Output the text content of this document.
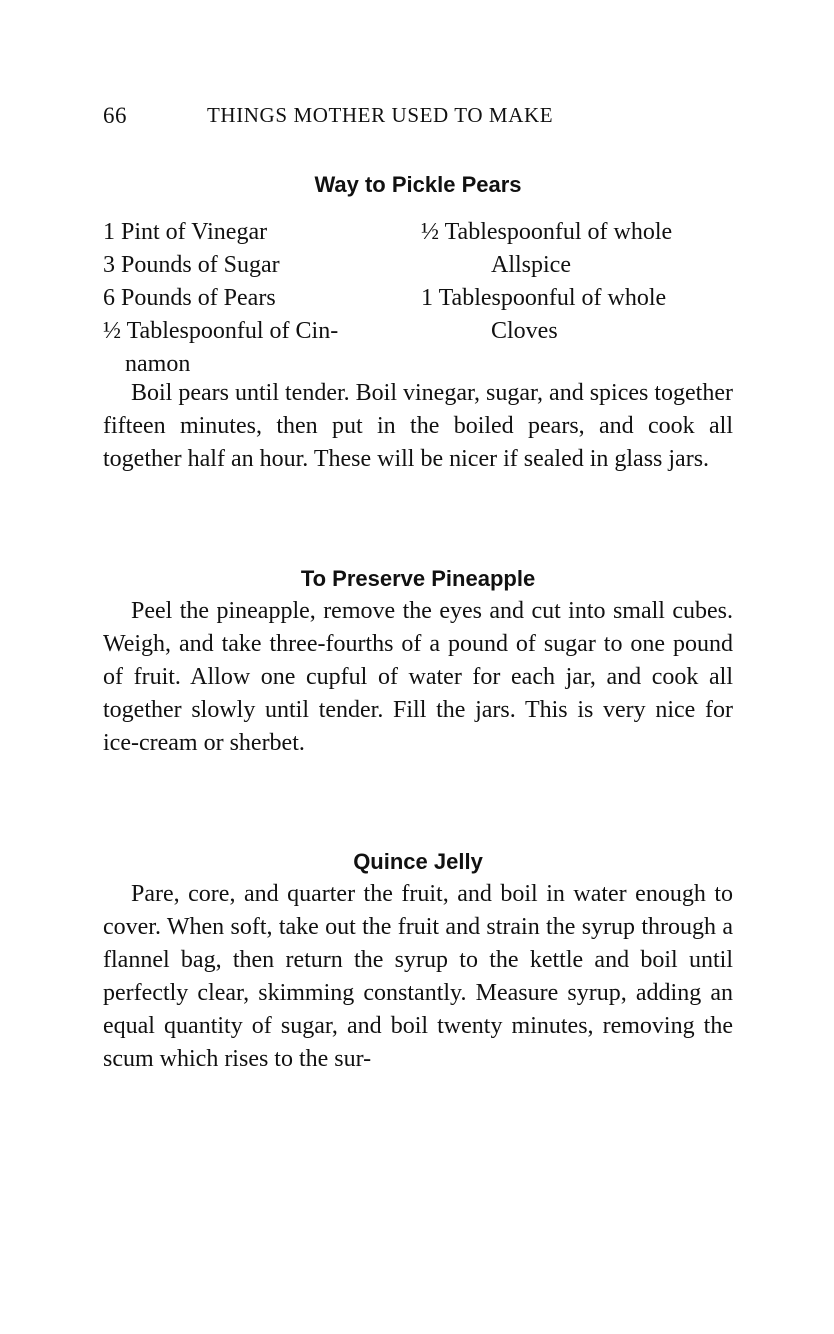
66	THINGS MOTHER USED TO MAKE
Way to Pickle Pears
1 Pint of Vinegar
3 Pounds of Sugar
6 Pounds of Pears
½ Tablespoonful of Cin-
namon
½ Tablespoonful of whole
Allspice
1 Tablespoonful of whole
Cloves

Boil pears until tender. Boil vinegar, sugar, and spices together fifteen minutes, then put in the boiled pears, and cook all together half an hour. These will be nicer if sealed in glass jars.

To Preserve Pineapple

Peel the pineapple, remove the eyes and cut into small cubes. Weigh, and take three-fourths of a pound of sugar to one pound of fruit. Allow one cupful of water for each jar, and cook all together slowly until tender. Fill the jars. This is very nice for ice-cream or sherbet.

Quince Jelly

Pare, core, and quarter the fruit, and boil in water enough to cover. When soft, take out the fruit and strain the syrup through a flannel bag, then return the syrup to the kettle and boil until perfectly clear, skimming constantly. Measure syrup, adding an equal quantity of sugar, and boil twenty minutes, removing the scum which rises to the sur-
